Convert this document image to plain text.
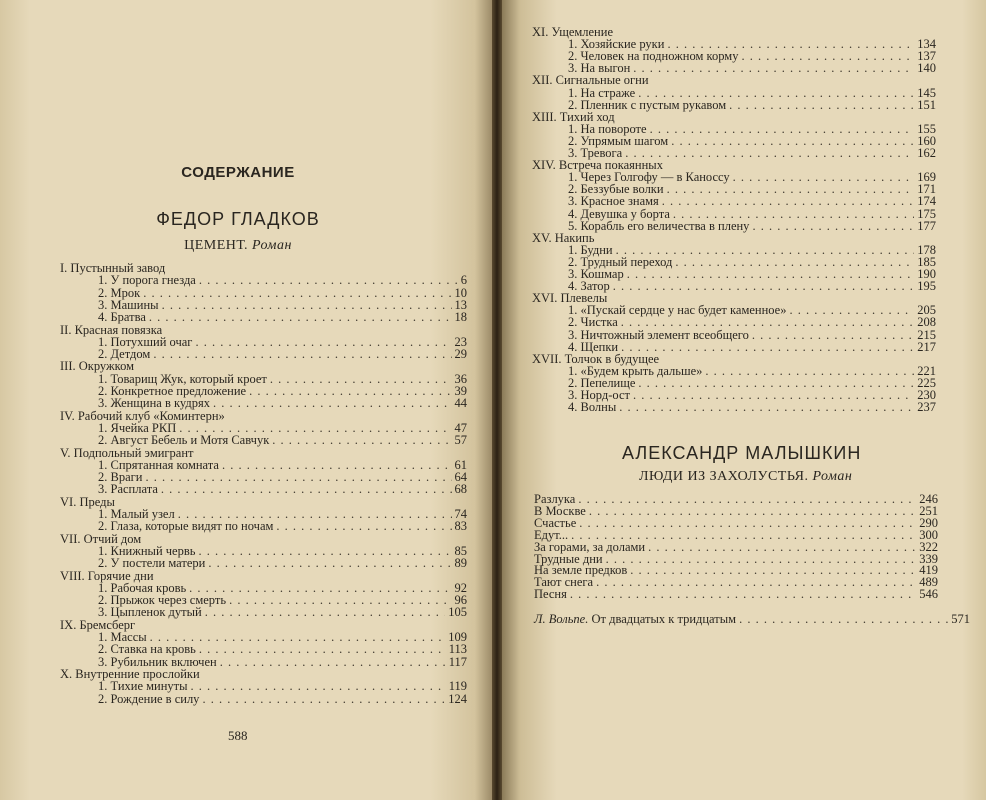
СОДЕРЖАНИЕ
ФЕДОР ГЛАДКОВ
ЦЕМЕНТ. Роман
I. Пустынный завод
1. У порога гнезда . . .	6
2. Мрок . . .	10
3. Машины . . .	13
4. Братва . . .	18
II. Красная повязка
1. Потухший очаг . . .	23
2. Детдом . . .	29
III. Окружком
1. Товарищ Жук, который кроет . . .	36
2. Конкретное предложение . . .	39
3. Женщина в кудрях . . .	44
IV. Рабочий клуб «Коминтерн»
1. Ячейка РКП . . .	47
2. Август Бебель и Мотя Савчук . . .	57
V. Подпольный эмигрант
1. Спрятанная комната . . .	61
2. Враги . . .	64
3. Расплата . . .	68
VI. Преды
1. Малый узел . . .	74
2. Глаза, которые видят по ночам . . .	83
VII. Отчий дом
1. Книжный червь . . .	85
2. У постели матери . . .	89
VIII. Горячие дни
1. Рабочая кровь . . .	92
2. Прыжок через смерть . . .	96
3. Цыпленок дутый . . .	105
IX. Бремсберг
1. Массы . . .	109
2. Ставка на кровь . . .	113
3. Рубильник включен . . .	117
X. Внутренние прослойки
1. Тихие минуты . . .	119
2. Рождение в силу . . .	124
588
XI. Ущемление
1. Хозяйские руки . . .	134
2. Человек на подножном корму . . .	137
3. На выгон . . .	140
XII. Сигнальные огни
1. На страже . . .	145
2. Пленник с пустым рукавом . . .	151
XIII. Тихий ход
1. На повороте . . .	155
2. Упрямым шагом . . .	160
3. Тревога . . .	162
XIV. Встреча покаянных
1. Через Голгофу — в Каноссу . . .	169
2. Беззубые волки . . .	171
3. Красное знамя . . .	174
4. Девушка у борта . . .	175
5. Корабль его величества в плену . . .	177
XV. Накипь
1. Будни . . .	178
2. Трудный переход . . .	185
3. Кошмар . . .	190
4. Затор . . .	195
XVI. Плевелы
1. «Пускай сердце у нас будет каменное» . . .	205
2. Чистка . . .	208
3. Ничтожный элемент всеобщего . . .	215
4. Щепки . . .	217
XVII. Толчок в будущее
1. «Будем крыть дальше» . . .	221
2. Пепелище . . .	225
3. Норд-ост . . .	230
4. Волны . . .	237
АЛЕКСАНДР МАЛЫШКИН
ЛЮДИ ИЗ ЗАХОЛУСТЬЯ. Роман
Разлука . . .	246
В Москве . . .	251
Счастье . . .	290
Едут... . . .	300
За горами, за долами . . .	322
Трудные дни . . .	339
На земле предков . . .	419
Тают снега . . .	489
Песня . . .	546
Л. Вольпе. От двадцатых к тридцатым . . .	571
